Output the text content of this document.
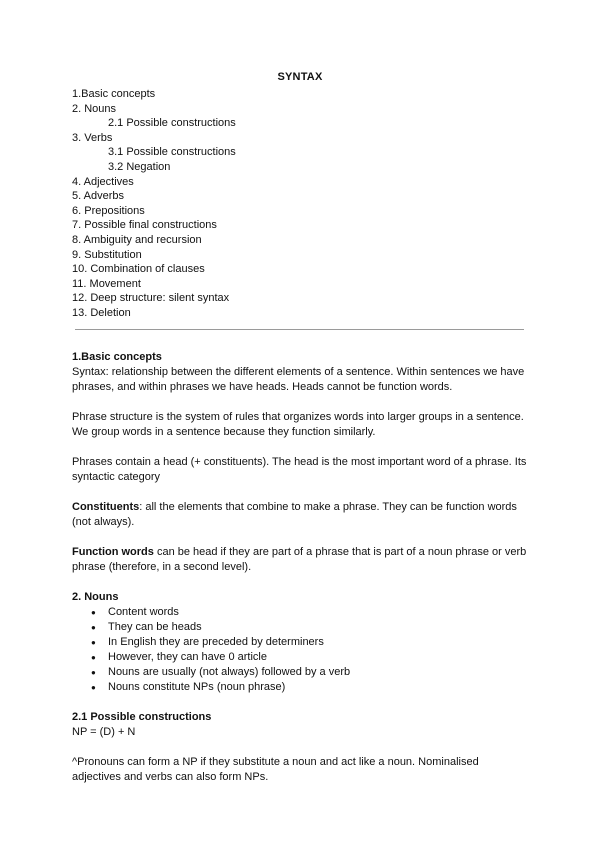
SYNTAX
1.Basic concepts
2. Nouns
2.1 Possible constructions
3. Verbs
3.1 Possible constructions
3.2 Negation
4. Adjectives
5. Adverbs
6. Prepositions
7. Possible final constructions
8. Ambiguity and recursion
9. Substitution
10. Combination of clauses
11. Movement
12. Deep structure: silent syntax
13. Deletion

1.Basic concepts

Syntax: relationship between the different elements of a sentence. Within sentences we have phrases, and within phrases we have heads. Heads cannot be function words.

Phrase structure is the system of rules that organizes words into larger groups in a sentence. We group words in a sentence because they function similarly.

Phrases contain a head (+ constituents). The head is the most important word of a phrase. Its syntactic category

Constituents: all the elements that combine to make a phrase. They can be function words (not always).

Function words can be head if they are part of a phrase that is part of a noun phrase or verb phrase (therefore, in a second level).

2. Nouns

● Content words
● They can be heads
● In English they are preceded by determiners
● However, they can have 0 article
● Nouns are usually (not always) followed by a verb
● Nouns constitute NPs (noun phrase)

2.1 Possible constructions

NP = (D) + N

^Pronouns can form a NP if they substitute a noun and act like a noun. Nominalised adjectives and verbs can also form NPs.
